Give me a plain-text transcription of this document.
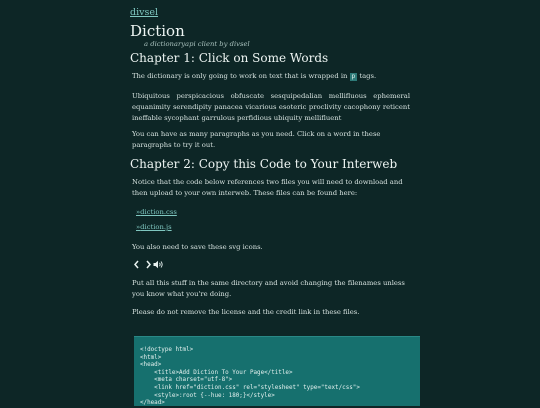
divsel
Diction
a dictionaryapi client by divsel
Chapter 1: Click on Some Words

The dictionary is only going to work on text that is wrapped in p tags.

Ubiquitous perspicacious obfuscate sesquipedalian mellifluous ephemeral equanimity serendipity panacea vicarious esoteric proclivity cacophony reticent ineffable sycophant garrulous perfidious ubiquity mellifluent

You can have as many paragraphs as you need. Click on a word in these paragraphs to try it out.

Chapter 2: Copy this Code to Your Interweb

Notice that the code below references two files you will need to download and then upload to your own interweb. These files can be found here:

»diction.css
»diction.js

You also need to save these svg icons.

Put all this stuff in the same directory and avoid changing the filenames unless you know what you're doing.

Please do not remove the license and the credit link in these files.

<!doctype html>
<html>
<head>
<title>Add Diction To Your Page</title>
<meta charset="utf-8">
<link href="diction.css" rel="stylesheet" type="text/css">
<style>:root {--hue: 180;}</style>
</head>
